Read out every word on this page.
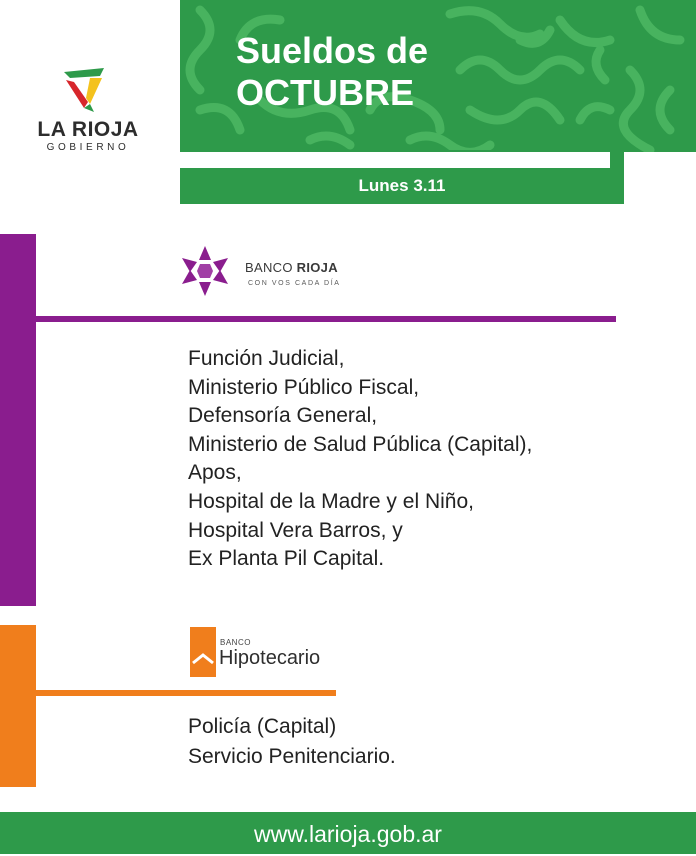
LA RIOJA
GOBIERNO
Sueldos de
OCTUBRE
Lunes 3.11
BANCO RIOJA
CON VOS CADA DÍA
Función Judicial,
Ministerio Público Fiscal,
Defensoría General,
Ministerio de Salud Pública (Capital),
Apos,
Hospital de la Madre y el Niño,
Hospital Vera Barros, y
Ex Planta Pil Capital.
BANCO
Hipotecario
Policía (Capital)
Servicio Penitenciario.
www.larioja.gob.ar
